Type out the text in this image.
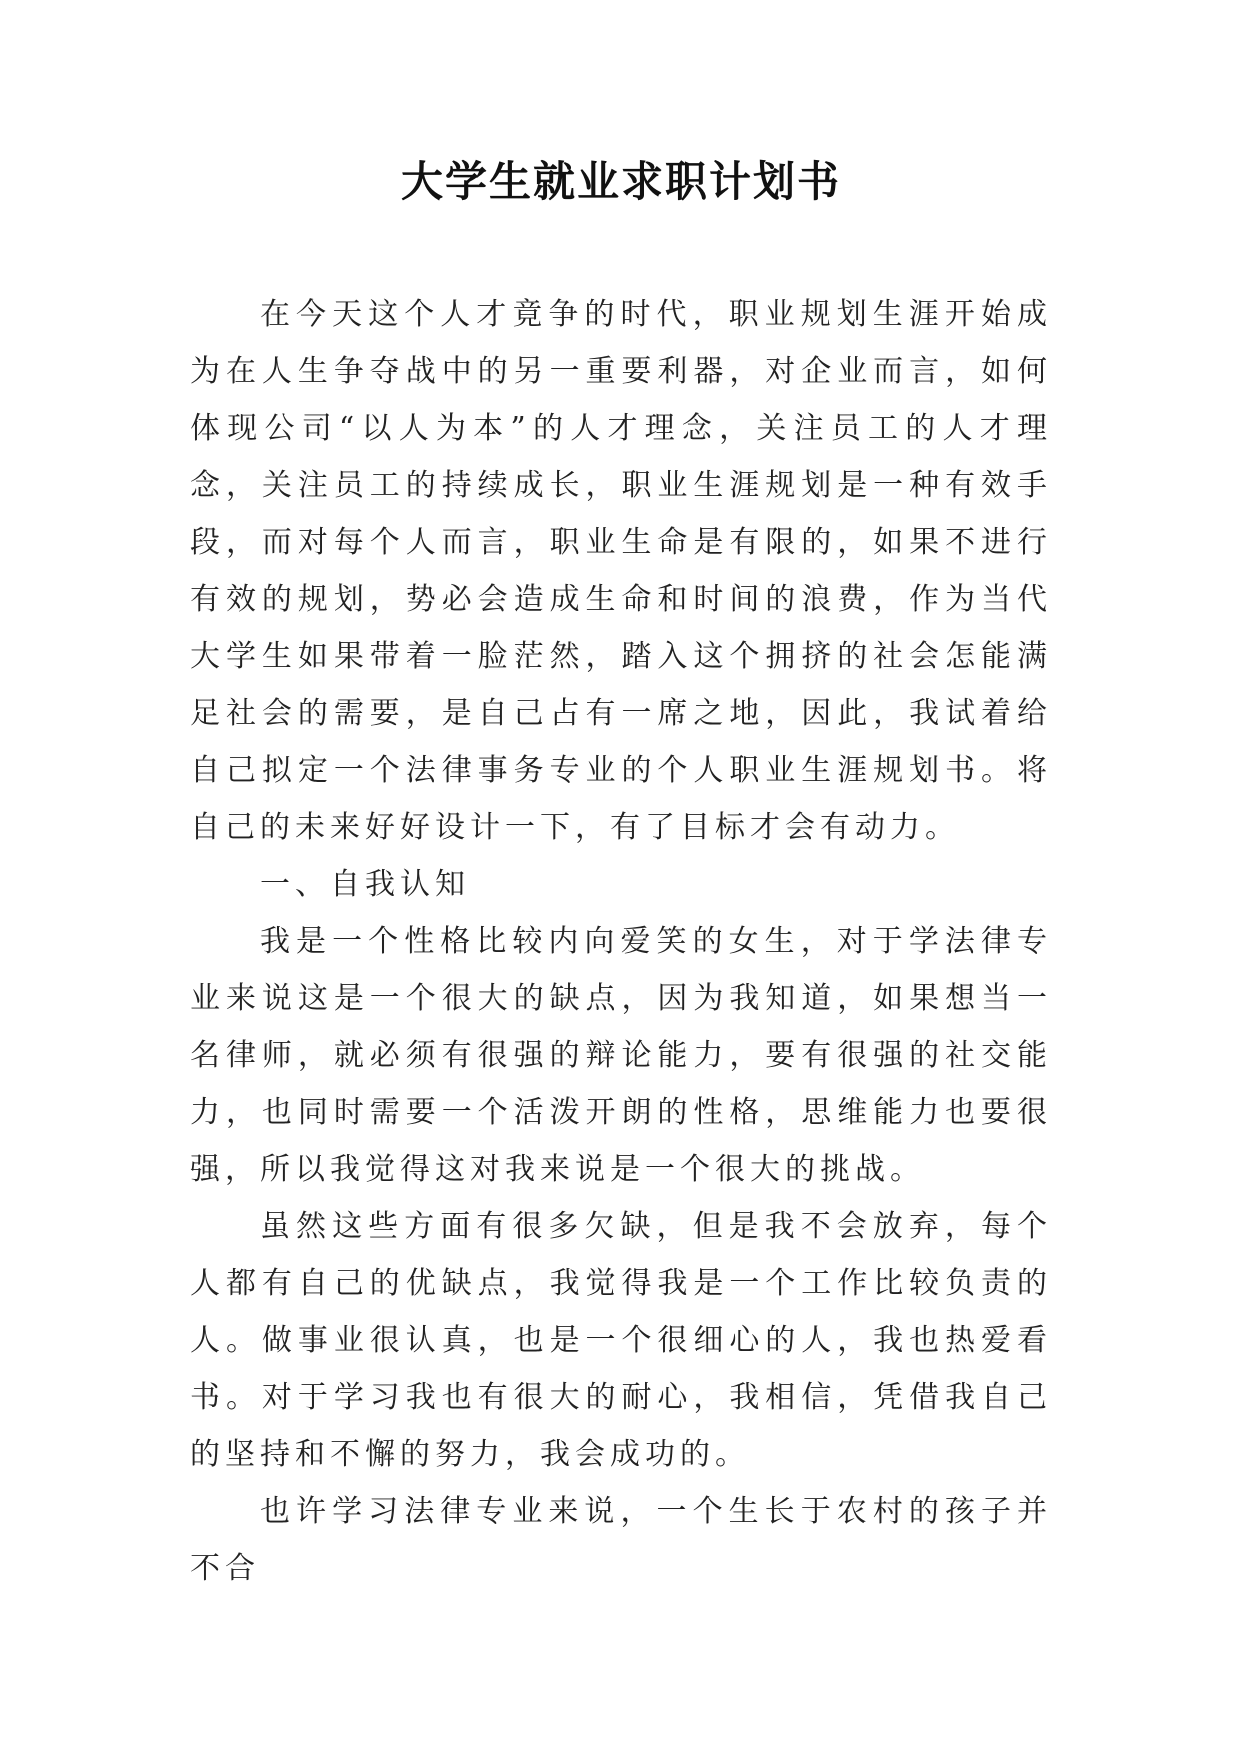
大学生就业求职计划书

在今天这个人才竟争的时代，职业规划生涯开始成为在人生争夺战中的另一重要利器，对企业而言，如何体现公司“以人为本”的人才理念，关注员工的人才理念，关注员工的持续成长，职业生涯规划是一种有效手段，而对每个人而言，职业生命是有限的，如果不进行有效的规划，势必会造成生命和时间的浪费，作为当代大学生如果带着一脸茫然，踏入这个拥挤的社会怎能满足社会的需要，是自己占有一席之地，因此，我试着给自己拟定一个法律事务专业的个人职业生涯规划书。将自己的未来好好设计一下，有了目标才会有动力。

一、自我认知

我是一个性格比较内向爱笑的女生，对于学法律专业来说这是一个很大的缺点，因为我知道，如果想当一名律师，就必须有很强的辩论能力，要有很强的社交能力，也同时需要一个活泼开朗的性格，思维能力也要很强，所以我觉得这对我来说是一个很大的挑战。

虽然这些方面有很多欠缺，但是我不会放弃，每个人都有自己的优缺点，我觉得我是一个工作比较负责的人。做事业很认真，也是一个很细心的人，我也热爱看书。对于学习我也有很大的耐心，我相信，凭借我自己的坚持和不懈的努力，我会成功的。

也许学习法律专业来说，一个生长于农村的孩子并不合
